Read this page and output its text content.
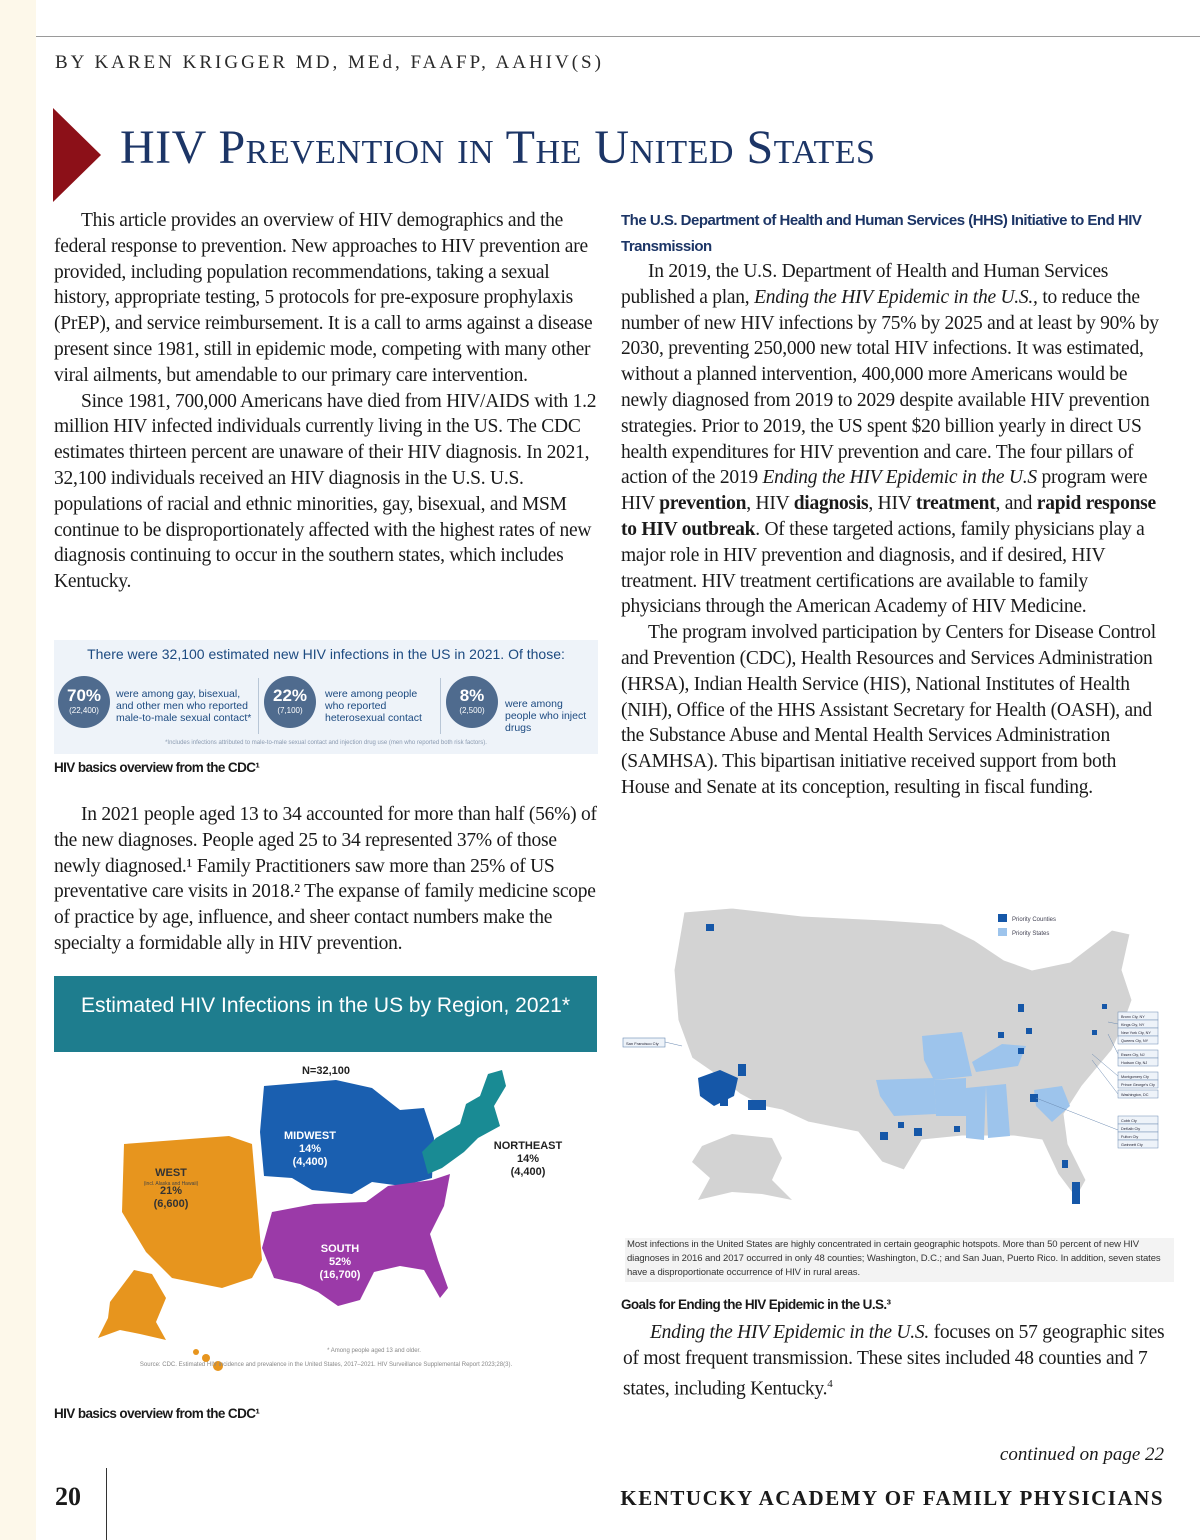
BY KAREN KRIGGER MD, MEd, FAAFP, AAHIV(S)
HIV Prevention in The United States

This article provides an overview of HIV demographics and the federal response to prevention. New approaches to HIV prevention are provided, including population recommendations, taking a sexual history, appropriate testing, 5 protocols for pre-exposure prophylaxis (PrEP), and service reimbursement. It is a call to arms against a disease present since 1981, still in epidemic mode, competing with many other viral ailments, but amendable to our primary care intervention.

Since 1981, 700,000 Americans have died from HIV/AIDS with 1.2 million HIV infected individuals currently living in the US. The CDC estimates thirteen percent are unaware of their HIV diagnosis. In 2021, 32,100 individuals received an HIV diagnosis in the U.S. U.S. populations of racial and ethnic minorities, gay, bisexual, and MSM continue to be disproportionately affected with the highest rates of new diagnosis continuing to occur in the southern states, which includes Kentucky.

There were 32,100 estimated new HIV infections in the US in 2021. Of those:
70%
(22,400)
were among gay, bisexual, and other men who reported male-to-male sexual contact*
22%
(7,100)
were among people who reported heterosexual contact
8%
(2,500)
were among people who inject drugs
*Includes infections attributed to male-to-male sexual contact and injection drug use (men who reported both risk factors).
HIV basics overview from the CDC¹

In 2021 people aged 13 to 34 accounted for more than half (56%) of the new diagnoses. People aged 25 to 34 represented 37% of those newly diagnosed.¹ Family Practitioners saw more than 25% of US preventative care visits in 2018.² The expanse of family medicine scope of practice by age, influence, and sheer contact numbers make the specialty a formidable ally in HIV prevention.

Estimated HIV Infections in the US by Region, 2021*
N=32,100
WEST
(incl. Alaska and Hawaii)
21%
(6,600)
MIDWEST
14%
(4,400)
NORTHEAST
14%
(4,400)
SOUTH
52%
(16,700)
* Among people aged 13 and older.
Source: CDC. Estimated HIV incidence and prevalence in the United States, 2017–2021. HIV Surveillance Supplemental Report 2023;28(3).
HIV basics overview from the CDC¹
The U.S. Department of Health and Human Services (HHS) Initiative to End HIV Transmission

In 2019, the U.S. Department of Health and Human Services published a plan, Ending the HIV Epidemic in the U.S., to reduce the number of new HIV infections by 75% by 2025 and at least by 90% by 2030, preventing 250,000 new total HIV infections. It was estimated, without a planned intervention, 400,000 more Americans would be newly diagnosed from 2019 to 2029 despite available HIV prevention strategies. Prior to 2019, the US spent $20 billion yearly in direct US health expenditures for HIV prevention and care. The four pillars of action of the 2019 Ending the HIV Epidemic in the U.S program were HIV prevention, HIV diagnosis, HIV treatment, and rapid response to HIV outbreak. Of these targeted actions, family physicians play a major role in HIV prevention and diagnosis, and if desired, HIV treatment. HIV treatment certifications are available to family physicians through the American Academy of HIV Medicine.

The program involved participation by Centers for Disease Control and Prevention (CDC), Health Resources and Services Administration (HRSA), Indian Health Service (HIS), National Institutes of Health (NIH), Office of the HHS Assistant Secretary for Health (OASH), and the Substance Abuse and Mental Health Services Administration (SAMHSA). This bipartisan initiative received support from both House and Senate at its conception, resulting in fiscal funding.

Priority Counties
Priority States
San Francisco Cty
Bronx Cty, NY
Kings Cty, NY
New York Cty, NY
Queens Cty, NY
Essex Cty, NJ
Hudson Cty, NJ
Montgomery Cty
Prince George's Cty
Washington, DC
Cobb Cty
DeKalb Cty
Fulton Cty
Gwinnett Cty
Most infections in the United States are highly concentrated in certain geographic hotspots. More than 50 percent of new HIV diagnoses in 2016 and 2017 occurred in only 48 counties; Washington, D.C.; and San Juan, Puerto Rico. In addition, seven states have a disproportionate occurrence of HIV in rural areas.
Goals for Ending the HIV Epidemic in the U.S.³

Ending the HIV Epidemic in the U.S. focuses on 57 geographic sites of most frequent transmission. These sites included 48 counties and 7 states, including Kentucky.$^4$

continued on page 22
20	KENTUCKY ACADEMY OF FAMILY PHYSICIANS
